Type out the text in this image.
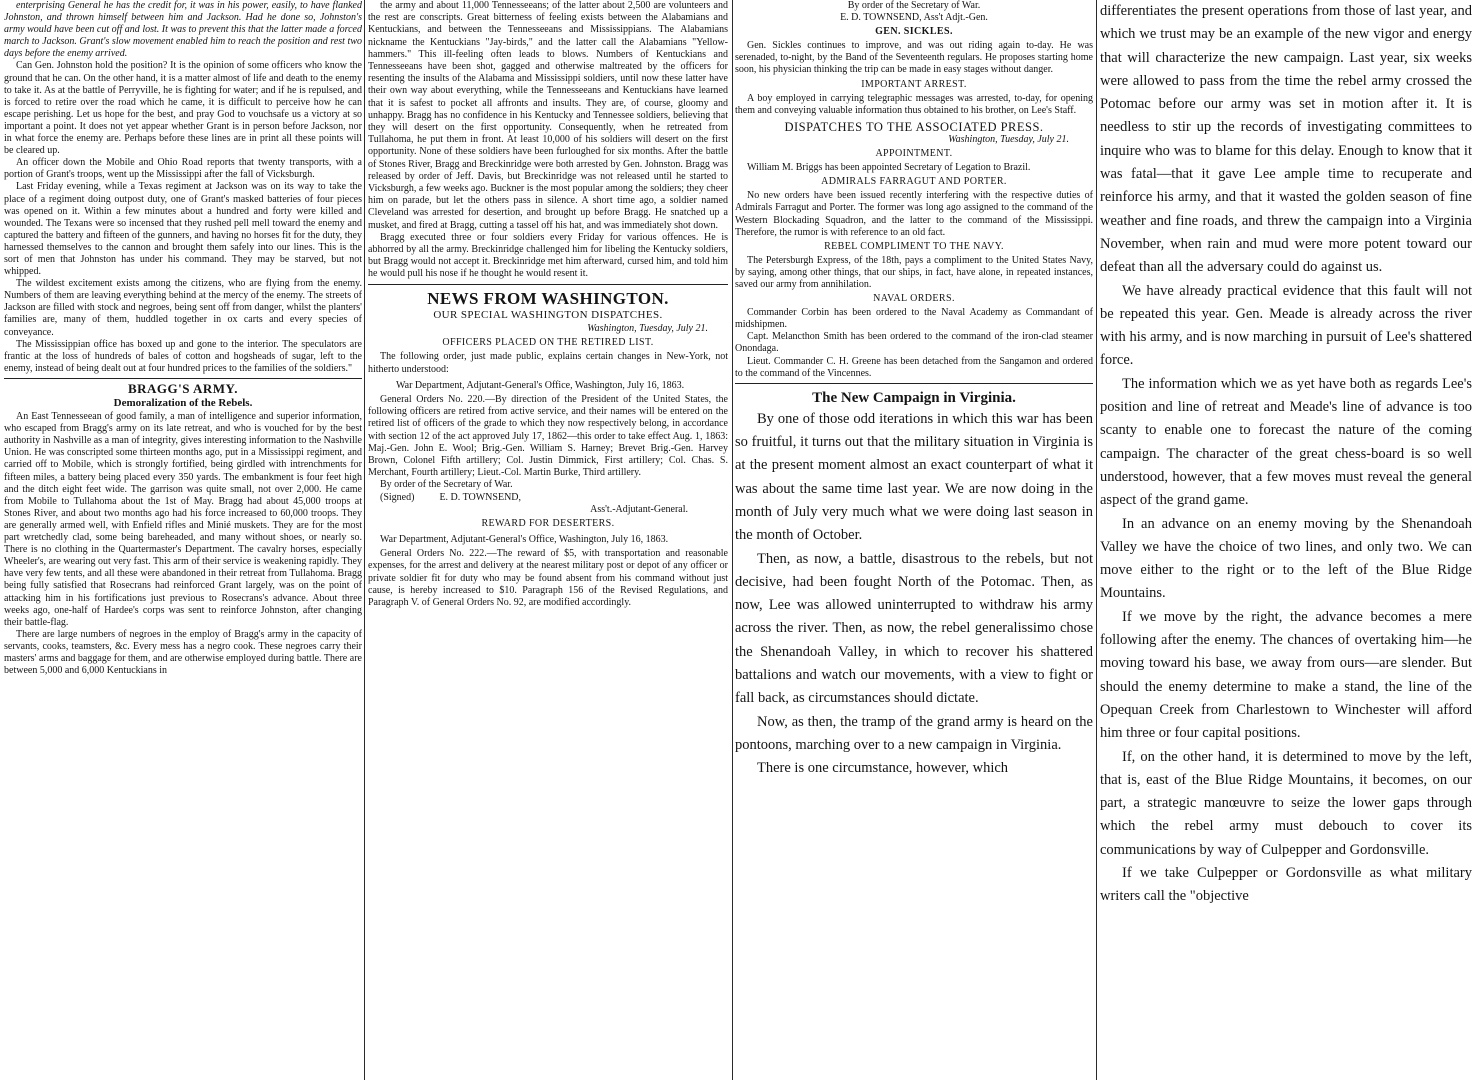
enterprising General he has the credit for, it was in his power, easily, to have flanked Johnston, and thrown himself between him and Jackson. Had he done so, Johnston's army would have been cut off and lost. It was to prevent this that the latter made a forced march to Jackson. Grant's slow movement enabled him to reach the position and rest two days before the enemy arrived.

Can Gen. Johnston hold the position? It is the opinion of some officers who know the ground that he can. On the other hand, it is a matter almost of life and death to the enemy to take it. As at the battle of Perryville, he is fighting for water; and if he is repulsed, and is forced to retire over the road which he came, it is difficult to perceive how he can escape perishing. Let us hope for the best, and pray God to vouchsafe us a victory at so important a point. It does not yet appear whether Grant is in person before Jackson, nor in what force the enemy are. Perhaps before these lines are in print all these points will be cleared up.

An officer down the Mobile and Ohio Road reports that twenty transports, with a portion of Grant's troops, went up the Mississippi after the fall of Vicksburgh.

Last Friday evening, while a Texas regiment at Jackson was on its way to take the place of a regiment doing outpost duty, one of Grant's masked batteries of four pieces was opened on it. Within a few minutes about a hundred and forty were killed and wounded. The Texans were so incensed that they rushed pell mell toward the enemy and captured the battery and fifteen of the gunners, and having no horses fit for the duty, they harnessed themselves to the cannon and brought them safely into our lines. This is the sort of men that Johnston has under his command. They may be starved, but not whipped.

The wildest excitement exists among the citizens, who are flying from the enemy. Numbers of them are leaving everything behind at the mercy of the enemy. The streets of Jackson are filled with stock and negroes, being sent off from danger, whilst the planters' families are, many of them, huddled together in ox carts and every species of conveyance.

The Mississippian office has boxed up and gone to the interior. The speculators are frantic at the loss of hundreds of bales of cotton and hogsheads of sugar, left to the enemy, instead of being dealt out at four hundred prices to the families of the soldiers."

BRAGG'S ARMY.
Demoralization of the Rebels.

An East Tennesseean of good family, a man of intelligence and superior information, who escaped from Bragg's army on its late retreat, and who is vouched for by the best authority in Nashville as a man of integrity, gives interesting information to the Nashville Union. He was conscripted some thirteen months ago, put in a Mississippi regiment, and carried off to Mobile, which is strongly fortified, being girdled with intrenchments for fifteen miles, a battery being placed every 350 yards. The embankment is four feet high and the ditch eight feet wide. The garrison was quite small, not over 2,000. He came from Mobile to Tullahoma about the 1st of May. Bragg had about 45,000 troops at Stones River, and about two months ago had his force increased to 60,000 troops. They are generally armed well, with Enfield rifles and Minié muskets. They are for the most part wretchedly clad, some being bareheaded, and many without shoes, or nearly so. There is no clothing in the Quartermaster's Department. The cavalry horses, especially Wheeler's, are wearing out very fast. This arm of their service is weakening rapidly. They have very few tents, and all these were abandoned in their retreat from Tullahoma. Bragg being fully satisfied that Rosecrans had reinforced Grant largely, was on the point of attacking him in his fortifications just previous to Rosecrans's advance. About three weeks ago, one-half of Hardee's corps was sent to reinforce Johnston, after changing their battle-flag.

There are large numbers of negroes in the employ of Bragg's army in the capacity of servants, cooks, teamsters, &c. Every mess has a negro cook. These negroes carry their masters' arms and baggage for them, and are otherwise employed during battle. There are between 5,000 and 6,000 Kentuckians in

the army and about 11,000 Tennesseeans; of the latter about 2,500 are volunteers and the rest are conscripts. Great bitterness of feeling exists between the Alabamians and Kentuckians, and between the Tennesseeans and Mississippians. The Alabamians nickname the Kentuckians "Jay-birds," and the latter call the Alabamians "Yellow-hammers." This ill-feeling often leads to blows. Numbers of Kentuckians and Tennesseeans have been shot, gagged and otherwise maltreated by the officers for resenting the insults of the Alabama and Mississippi soldiers, until now these latter have their own way about everything, while the Tennesseeans and Kentuckians have learned that it is safest to pocket all affronts and insults. They are, of course, gloomy and unhappy. Bragg has no confidence in his Kentucky and Tennessee soldiers, believing that they will desert on the first opportunity. Consequently, when he retreated from Tullahoma, he put them in front. At least 10,000 of his soldiers will desert on the first opportunity. None of these soldiers have been furloughed for six months. After the battle of Stones River, Bragg and Breckinridge were both arrested by Gen. Johnston. Bragg was released by order of Jeff. Davis, but Breckinridge was not released until he started to Vicksburgh, a few weeks ago. Buckner is the most popular among the soldiers; they cheer him on parade, but let the others pass in silence. A short time ago, a soldier named Cleveland was arrested for desertion, and brought up before Bragg. He snatched up a musket, and fired at Bragg, cutting a tassel off his hat, and was immediately shot down.

Bragg executed three or four soldiers every Friday for various offences. He is abhorred by all the army. Breckinridge challenged him for libeling the Kentucky soldiers, but Bragg would not accept it. Breckinridge met him afterward, cursed him, and told him he would pull his nose if he thought he would resent it.

NEWS FROM WASHINGTON.
OUR SPECIAL WASHINGTON DISPATCHES.
Washington, Tuesday, July 21.
OFFICERS PLACED ON THE RETIRED LIST.

The following order, just made public, explains certain changes in New-York, not hitherto understood:

War Department, Adjutant-General's Office, Washington, July 16, 1863.

General Orders No. 220.—By direction of the President of the United States, the following officers are retired from active service, and their names will be entered on the retired list of officers of the grade to which they now respectively belong, in accordance with section 12 of the act approved July 17, 1862—this order to take effect Aug. 1, 1863: Maj.-Gen. John E. Wool; Brig.-Gen. William S. Harney; Brevet Brig.-Gen. Harvey Brown, Colonel Fifth artillery; Col. Justin Dimmick, First artillery; Col. Chas. S. Merchant, Fourth artillery; Lieut.-Col. Martin Burke, Third artillery.

By order of the Secretary of War.
(Signed)          E. D. TOWNSEND,
Ass't.-Adjutant-General.
REWARD FOR DESERTERS.
War Department, Adjutant-General's Office, Washington, July 16, 1863.

General Orders No. 222.—The reward of $5, with transportation and reasonable expenses, for the arrest and delivery at the nearest military post or depot of any officer or private soldier fit for duty who may be found absent from his command without just cause, is hereby increased to $10. Paragraph 156 of the Revised Regulations, and Paragraph V. of General Orders No. 92, are modified accordingly.

By order of the Secretary of War.
E. D. TOWNSEND, Ass't Adjt.-Gen.
GEN. SICKLES.

Gen. Sickles continues to improve, and was out riding again to-day. He was serenaded, to-night, by the Band of the Seventeenth regulars. He proposes starting home soon, his physician thinking the trip can be made in easy stages without danger.

IMPORTANT ARREST.

A boy employed in carrying telegraphic messages was arrested, to-day, for opening them and conveying valuable information thus obtained to his brother, on Lee's Staff.

DISPATCHES TO THE ASSOCIATED PRESS.
Washington, Tuesday, July 21.
APPOINTMENT.

William M. Briggs has been appointed Secretary of Legation to Brazil.

ADMIRALS FARRAGUT AND PORTER.

No new orders have been issued recently interfering with the respective duties of Admirals Farragut and Porter. The former was long ago assigned to the command of the Western Blockading Squadron, and the latter to the command of the Mississippi. Therefore, the rumor is with reference to an old fact.

REBEL COMPLIMENT TO THE NAVY.

The Petersburgh Express, of the 18th, pays a compliment to the United States Navy, by saying, among other things, that our ships, in fact, have alone, in repeated instances, saved our army from annihilation.

NAVAL ORDERS.

Commander Corbin has been ordered to the Naval Academy as Commandant of midshipmen.

Capt. Melancthon Smith has been ordered to the command of the iron-clad steamer Onondaga.

Lieut. Commander C. H. Greene has been detached from the Sangamon and ordered to the command of the Vincennes.

The New Campaign in Virginia.

By one of those odd iterations in which this war has been so fruitful, it turns out that the military situation in Virginia is at the present moment almost an exact counterpart of what it was about the same time last year. We are now doing in the month of July very much what we were doing last season in the month of October.

Then, as now, a battle, disastrous to the rebels, but not decisive, had been fought North of the Potomac. Then, as now, Lee was allowed uninterrupted to withdraw his army across the river. Then, as now, the rebel generalissimo chose the Shenandoah Valley, in which to recover his shattered battalions and watch our movements, with a view to fight or fall back, as circumstances should dictate.

Now, as then, the tramp of the grand army is heard on the pontoons, marching over to a new campaign in Virginia.

There is one circumstance, however, which

differentiates the present operations from those of last year, and which we trust may be an example of the new vigor and energy that will characterize the new campaign. Last year, six weeks were allowed to pass from the time the rebel army crossed the Potomac before our army was set in motion after it. It is needless to stir up the records of investigating committees to inquire who was to blame for this delay. Enough to know that it was fatal—that it gave Lee ample time to recuperate and reinforce his army, and that it wasted the golden season of fine weather and fine roads, and threw the campaign into a Virginia November, when rain and mud were more potent toward our defeat than all the adversary could do against us.

We have already practical evidence that this fault will not be repeated this year. Gen. Meade is already across the river with his army, and is now marching in pursuit of Lee's shattered force.

The information which we as yet have both as regards Lee's position and line of retreat and Meade's line of advance is too scanty to enable one to forecast the nature of the coming campaign. The character of the great chess-board is so well understood, however, that a few moves must reveal the general aspect of the grand game.

In an advance on an enemy moving by the Shenandoah Valley we have the choice of two lines, and only two. We can move either to the right or to the left of the Blue Ridge Mountains.

If we move by the right, the advance becomes a mere following after the enemy. The chances of overtaking him—he moving toward his base, we away from ours—are slender. But should the enemy determine to make a stand, the line of the Opequan Creek from Charlestown to Winchester will afford him three or four capital positions.

If, on the other hand, it is determined to move by the left, that is, east of the Blue Ridge Mountains, it becomes, on our part, a strategic manœuvre to seize the lower gaps through which the rebel army must debouch to cover its communications by way of Culpepper and Gordonsville.

If we take Culpepper or Gordonsville as what military writers call the "objective
